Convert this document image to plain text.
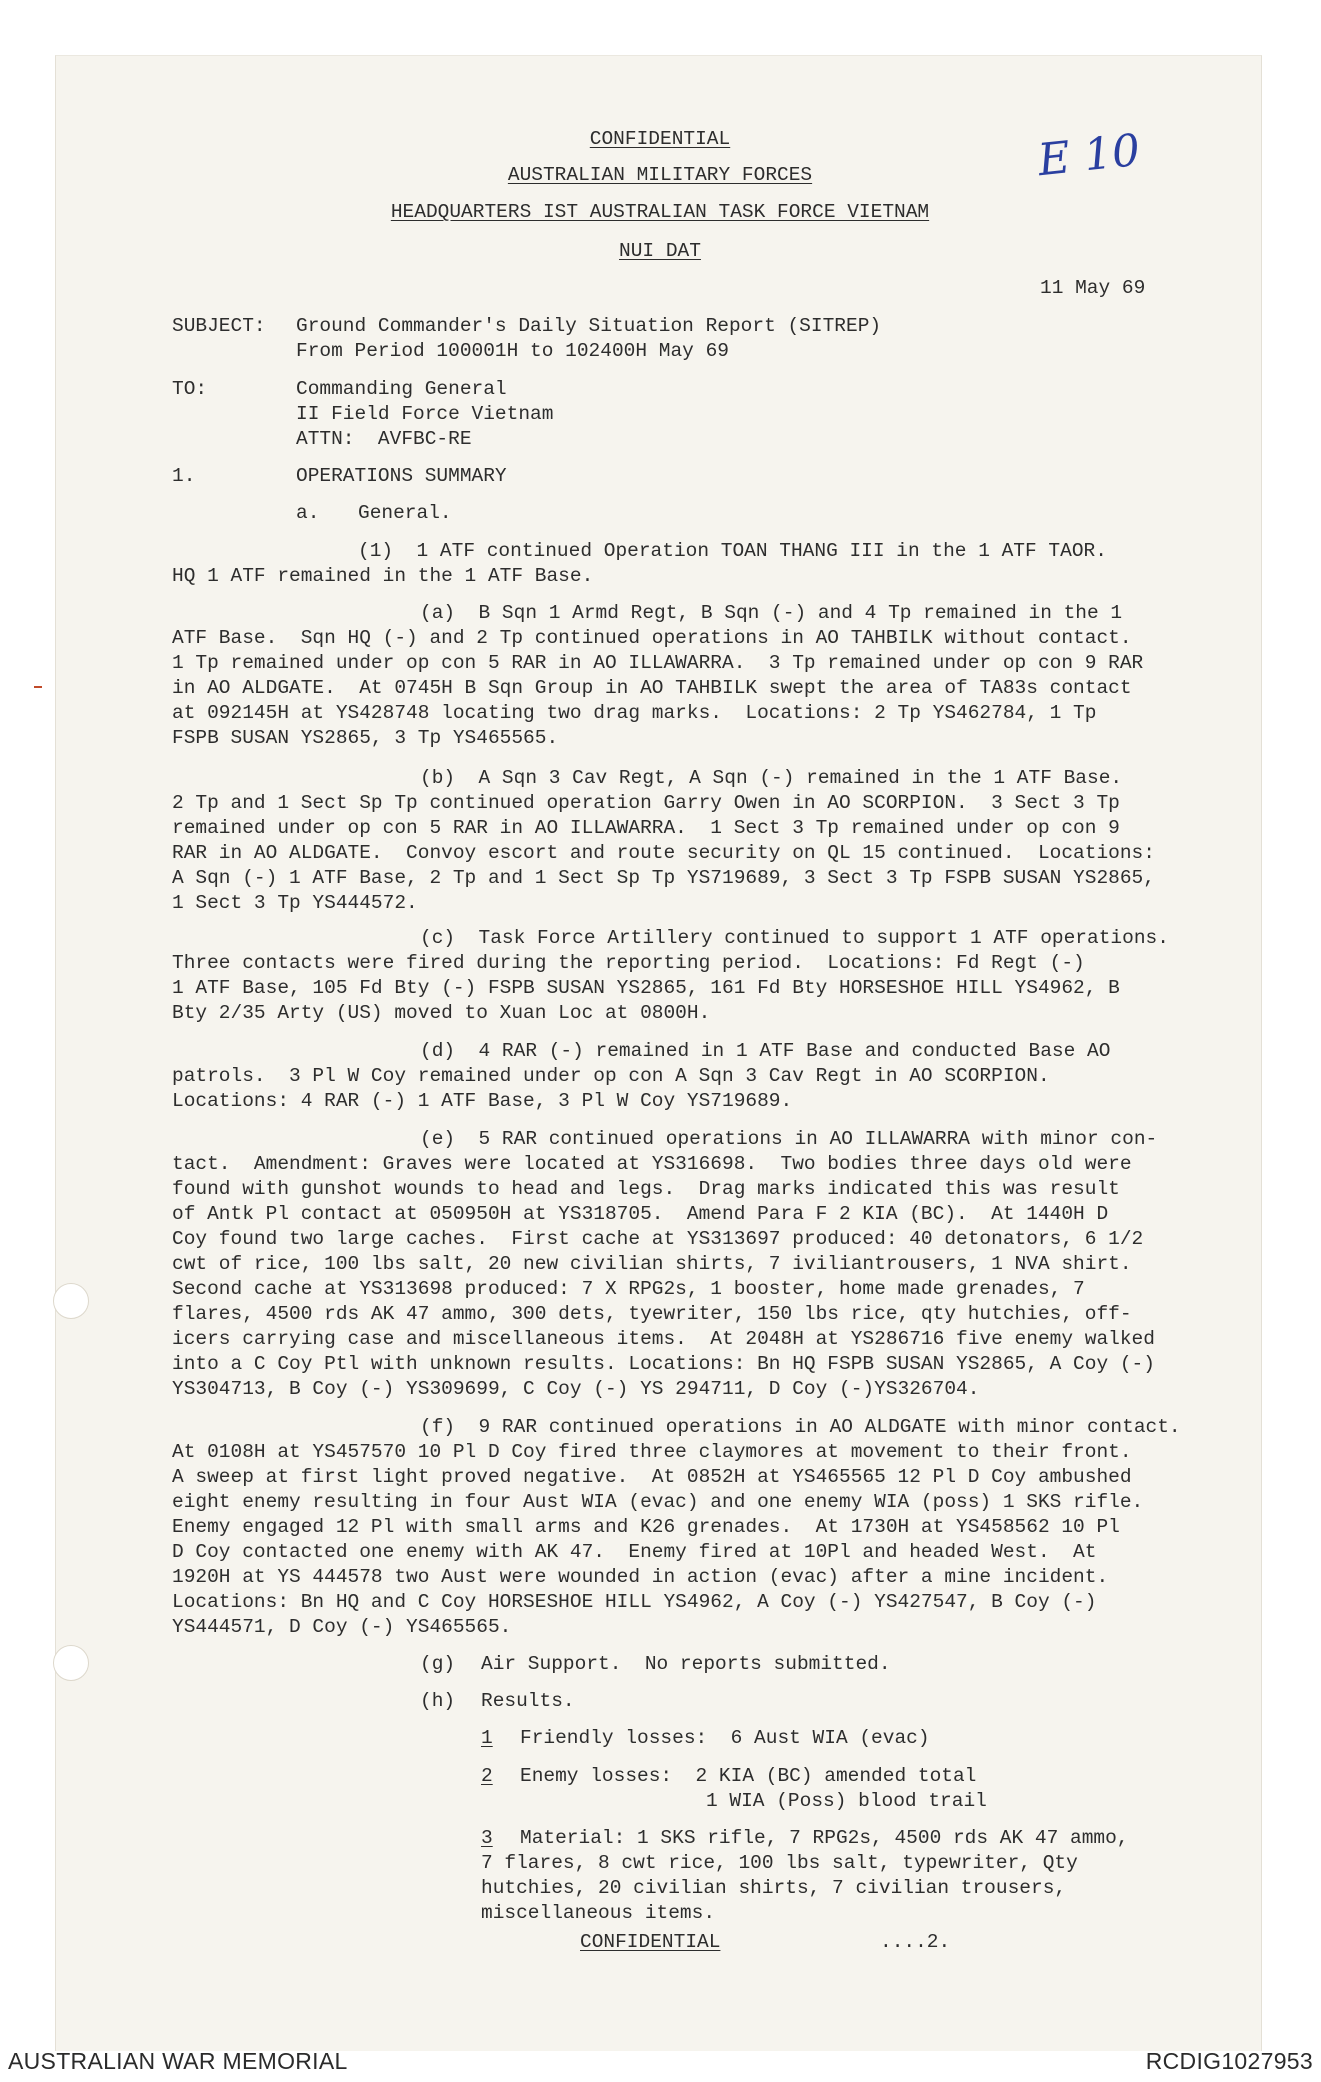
CONFIDENTIAL
AUSTRALIAN MILITARY FORCES
HEADQUARTERS IST AUSTRALIAN TASK FORCE VIETNAM
NUI DAT
E 10
11 May 69
SUBJECT: Ground Commander's Daily Situation Report (SITREP)
From Period 100001H to 102400H May 69
TO:	Commanding General
II Field Force Vietnam
ATTN:  AVFBC-RE
1.	OPERATIONS SUMMARY
a. General.
(1)  1 ATF continued Operation TOAN THANG III in the 1 ATF TAOR.
HQ 1 ATF remained in the 1 ATF Base.
(a)  B Sqn 1 Armd Regt, B Sqn (-) and 4 Tp remained in the 1
ATF Base.  Sqn HQ (-) and 2 Tp continued operations in AO TAHBILK without contact.
1 Tp remained under op con 5 RAR in AO ILLAWARRA.  3 Tp remained under op con 9 RAR
in AO ALDGATE.  At 0745H B Sqn Group in AO TAHBILK swept the area of TA83s contact
at 092145H at YS428748 locating two drag marks.  Locations: 2 Tp YS462784, 1 Tp
FSPB SUSAN YS2865, 3 Tp YS465565.
(b)  A Sqn 3 Cav Regt, A Sqn (-) remained in the 1 ATF Base.
2 Tp and 1 Sect Sp Tp continued operation Garry Owen in AO SCORPION.  3 Sect 3 Tp
remained under op con 5 RAR in AO ILLAWARRA.  1 Sect 3 Tp remained under op con 9
RAR in AO ALDGATE.  Convoy escort and route security on QL 15 continued.  Locations:
A Sqn (-) 1 ATF Base, 2 Tp and 1 Sect Sp Tp YS719689, 3 Sect 3 Tp FSPB SUSAN YS2865,
1 Sect 3 Tp YS444572.
(c)  Task Force Artillery continued to support 1 ATF operations.
Three contacts were fired during the reporting period.  Locations: Fd Regt (-)
1 ATF Base, 105 Fd Bty (-) FSPB SUSAN YS2865, 161 Fd Bty HORSESHOE HILL YS4962, B
Bty 2/35 Arty (US) moved to Xuan Loc at 0800H.
(d)  4 RAR (-) remained in 1 ATF Base and conducted Base AO
patrols.  3 Pl W Coy remained under op con A Sqn 3 Cav Regt in AO SCORPION.
Locations: 4 RAR (-) 1 ATF Base, 3 Pl W Coy YS719689.
(e)  5 RAR continued operations in AO ILLAWARRA with minor con-
tact.  Amendment: Graves were located at YS316698.  Two bodies three days old were
found with gunshot wounds to head and legs.  Drag marks indicated this was result
of Antk Pl contact at 050950H at YS318705.  Amend Para F 2 KIA (BC).  At 1440H D
Coy found two large caches.  First cache at YS313697 produced: 40 detonators, 6 1/2
cwt of rice, 100 lbs salt, 20 new civilian shirts, 7 iviliantrousers, 1 NVA shirt.
Second cache at YS313698 produced: 7 X RPG2s, 1 booster, home made grenades, 7
flares, 4500 rds AK 47 ammo, 300 dets, tyewriter, 150 lbs rice, qty hutchies, off-
icers carrying case and miscellaneous items.  At 2048H at YS286716 five enemy walked
into a C Coy Ptl with unknown results. Locations: Bn HQ FSPB SUSAN YS2865, A Coy (-)
YS304713, B Coy (-) YS309699, C Coy (-) YS 294711, D Coy (-)YS326704.
(f)  9 RAR continued operations in AO ALDGATE with minor contact.
At 0108H at YS457570 10 Pl D Coy fired three claymores at movement to their front.
A sweep at first light proved negative.  At 0852H at YS465565 12 Pl D Coy ambushed
eight enemy resulting in four Aust WIA (evac) and one enemy WIA (poss) 1 SKS rifle.
Enemy engaged 12 Pl with small arms and K26 grenades.  At 1730H at YS458562 10 Pl
D Coy contacted one enemy with AK 47.  Enemy fired at 10Pl and headed West.  At
1920H at YS 444578 two Aust were wounded in action (evac) after a mine incident.
Locations: Bn HQ and C Coy HORSESHOE HILL YS4962, A Coy (-) YS427547, B Coy (-)
YS444571, D Coy (-) YS465565.
(g) Air Support.  No reports submitted.
(h) Results.
1 Friendly losses:  6 Aust WIA (evac)
2 Enemy losses:  2 KIA (BC) amended total
1 WIA (Poss) blood trail
3 Material: 1 SKS rifle, 7 RPG2s, 4500 rds AK 47 ammo,
7 flares, 8 cwt rice, 100 lbs salt, typewriter, Qty
hutchies, 20 civilian shirts, 7 civilian trousers,
miscellaneous items.
CONFIDENTIAL	....2.
AUSTRALIAN WAR MEMORIAL	RCDIG1027953
